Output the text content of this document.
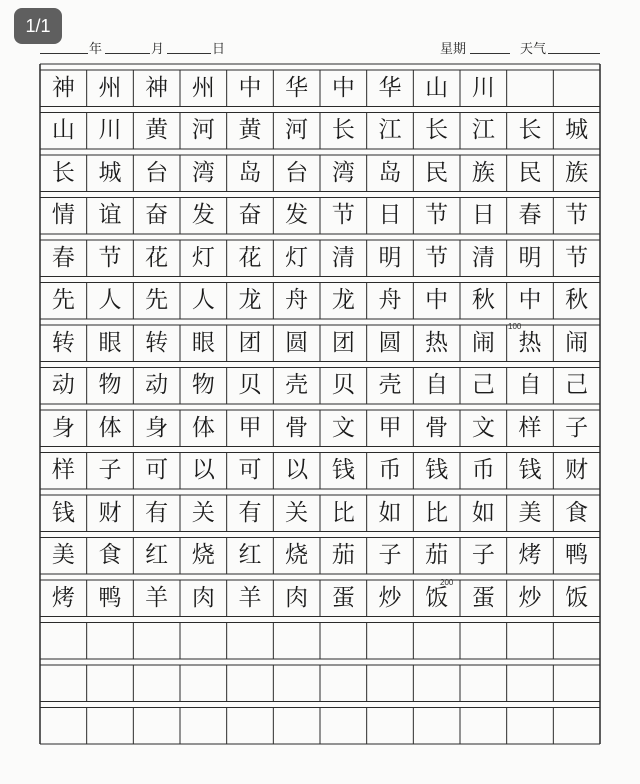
1/1
年	月	日	星期	天气
神	州	神	州	中	华	中	华	山	川
山	川	黄	河	黄	河	长	江	长	江	长	城
长	城	台	湾	岛	台	湾	岛	民	族	民	族
情	谊	奋	发	奋	发	节	日	节	日	春	节
春	节	花	灯	花	灯	清	明	节	清	明	节
先	人	先	人	龙	舟	龙	舟	中	秋	中	秋
转	眼	转	眼	团	圆	团	圆	热	闹	热	闹
动	物	动	物	贝	壳	贝	壳	自	己	自	己
身	体	身	体	甲	骨	文	甲	骨	文	样	子
样	子	可	以	可	以	钱	币	钱	币	钱	财
钱	财	有	关	有	关	比	如	比	如	美	食
美	食	红	烧	红	烧	茄	子	茄	子	烤	鸭
烤	鸭	羊	肉	羊	肉	蛋	炒	饭	蛋	炒	饭
100
200
